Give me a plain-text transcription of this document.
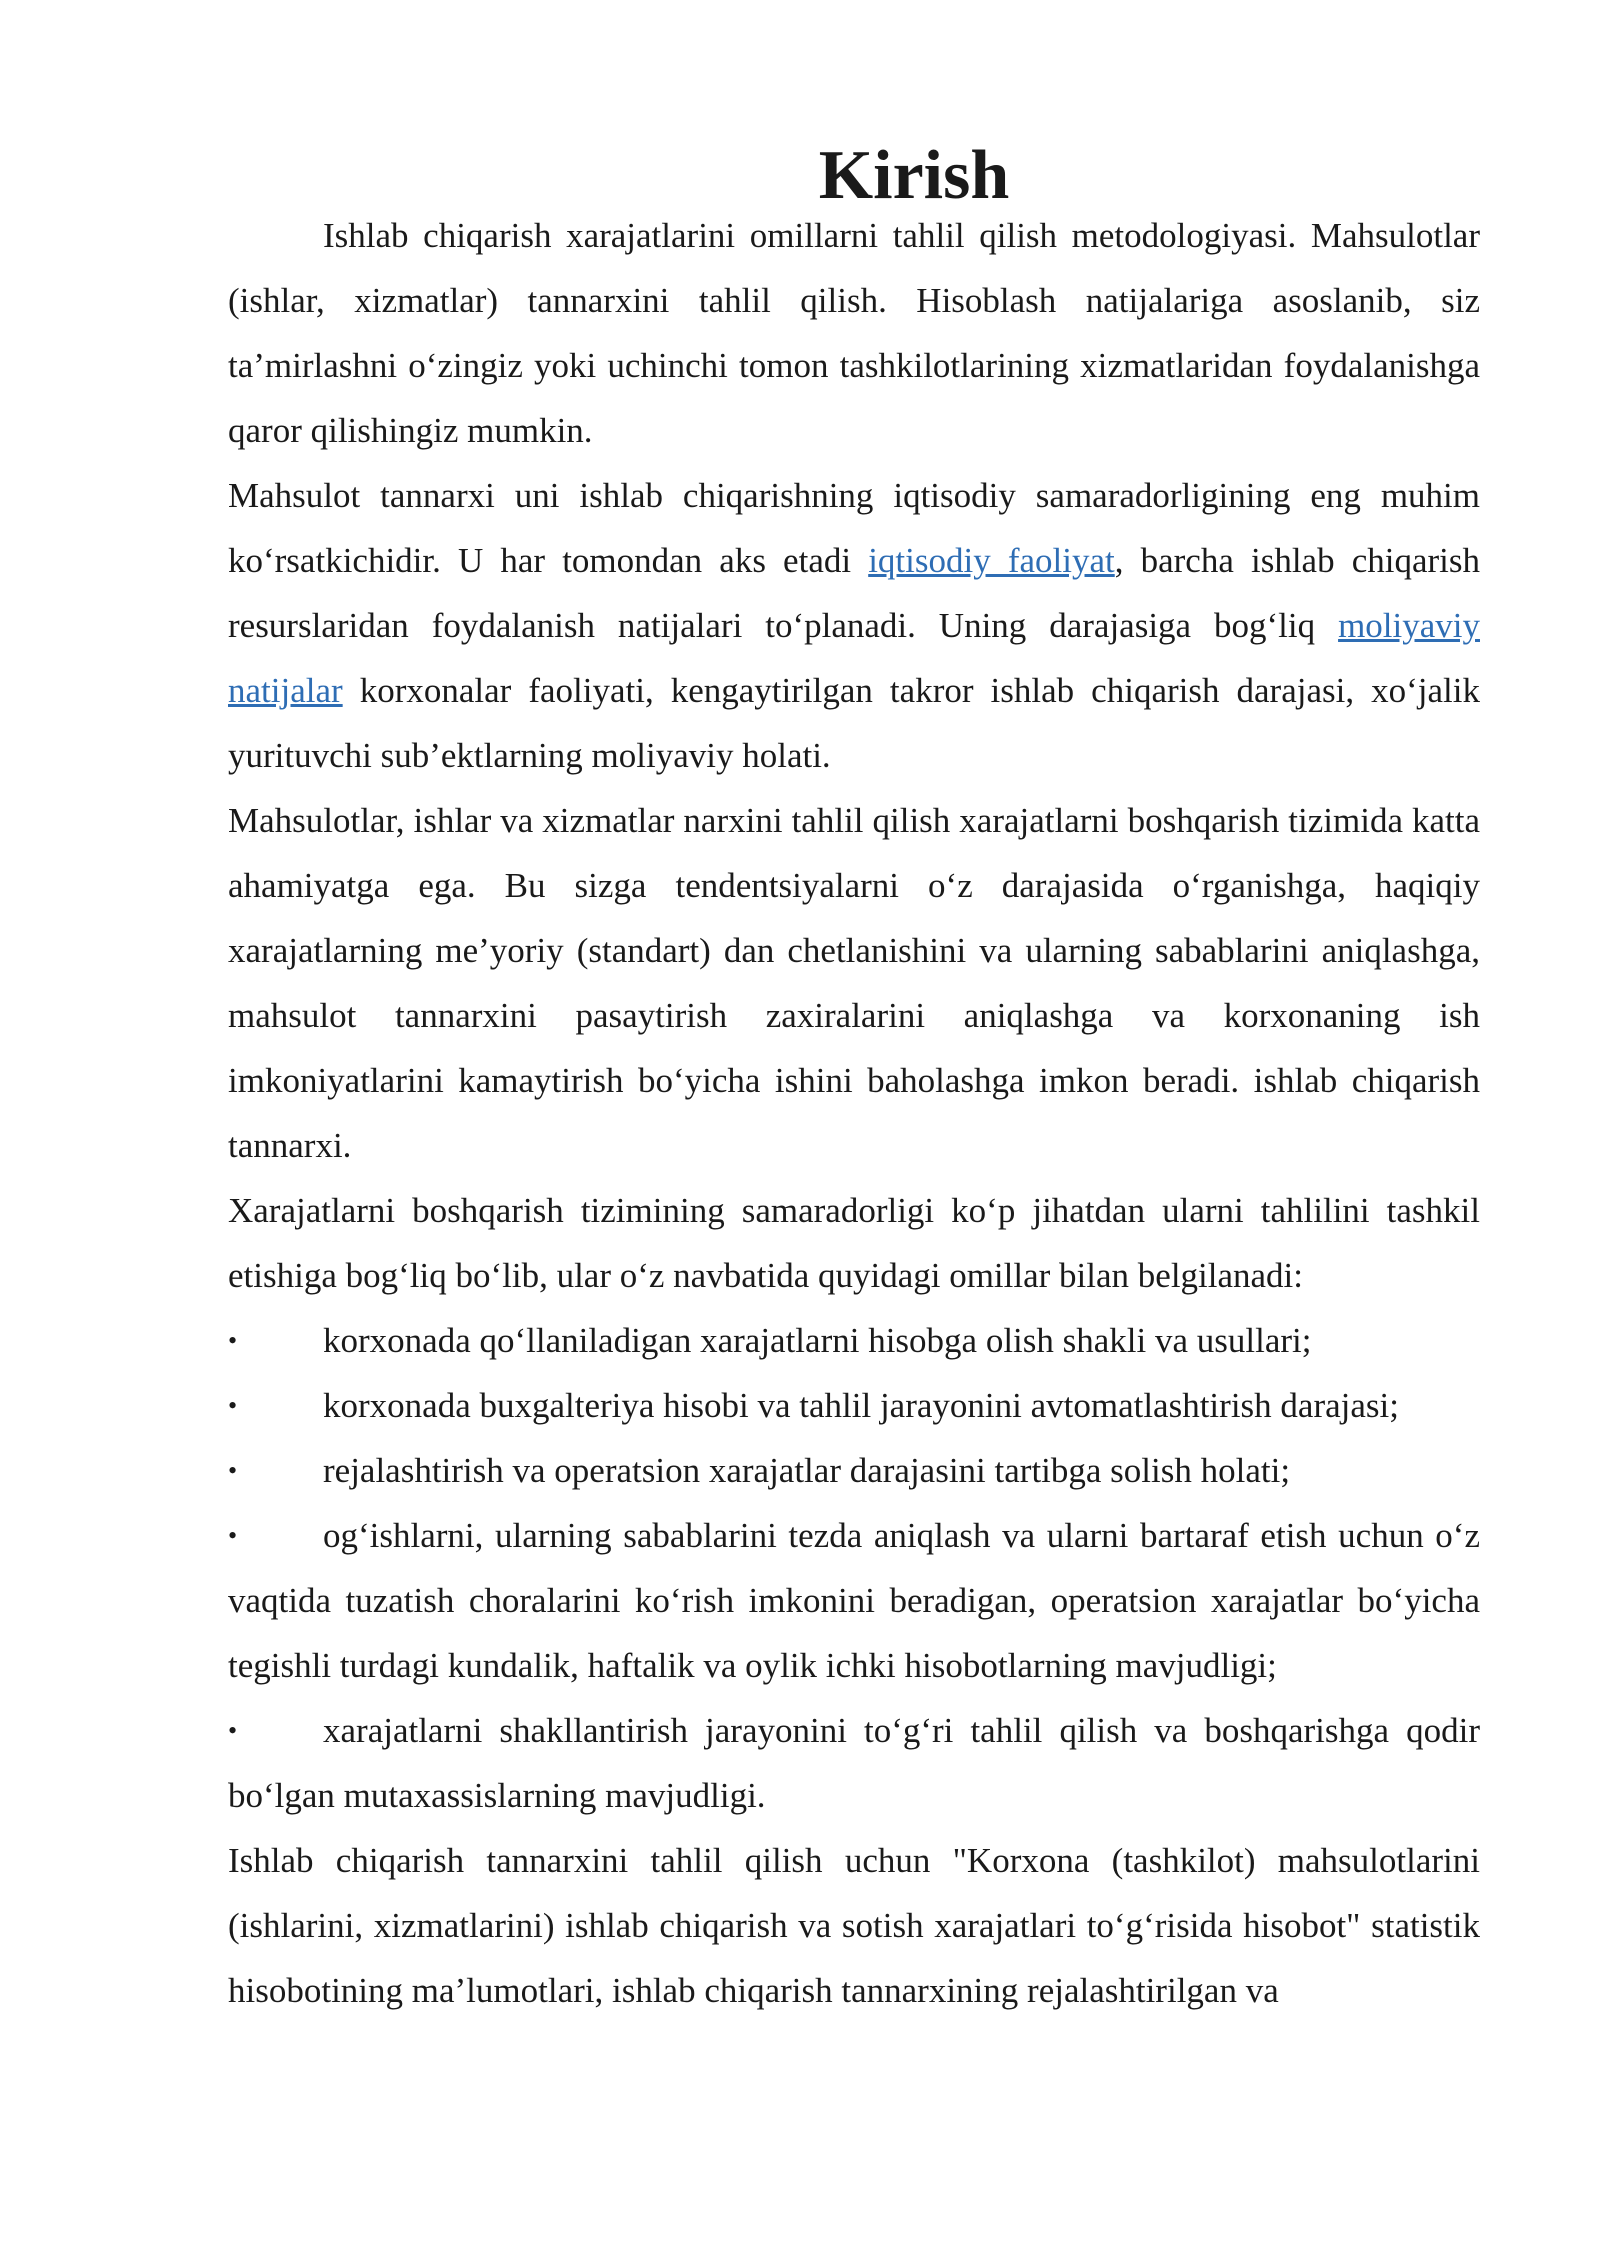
Kirish

Ishlab chiqarish xarajatlarini omillarni tahlil qilish metodologiyasi. Mahsulotlar (ishlar, xizmatlar) tannarxini tahlil qilish. Hisoblash natijalariga asoslanib, siz ta’mirlashni o‘zingiz yoki uchinchi tomon tashkilotlarining xizmatlaridan foydalanishga qaror qilishingiz mumkin.

Mahsulot tannarxi uni ishlab chiqarishning iqtisodiy samaradorligining eng muhim ko‘rsatkichidir. U har tomondan aks etadi iqtisodiy faoliyat, barcha ishlab chiqarish resurslaridan foydalanish natijalari to‘planadi. Uning darajasiga bog‘liq moliyaviy natijalar korxonalar faoliyati, kengaytirilgan takror ishlab chiqarish darajasi, xo‘jalik yurituvchi sub’ektlarning moliyaviy holati.

Mahsulotlar, ishlar va xizmatlar narxini tahlil qilish xarajatlarni boshqarish tizimida katta ahamiyatga ega. Bu sizga tendentsiyalarni o‘z darajasida o‘rganishga, haqiqiy xarajatlarning me’yoriy (standart) dan chetlanishini va ularning sabablarini aniqlashga, mahsulot tannarxini pasaytirish zaxiralarini aniqlashga va korxonaning ish imkoniyatlarini kamaytirish bo‘yicha ishini baholashga imkon beradi. ishlab chiqarish tannarxi.

Xarajatlarni boshqarish tizimining samaradorligi ko‘p jihatdan ularni tahlilini tashkil etishiga bog‘liq bo‘lib, ular o‘z navbatida quyidagi omillar bilan belgilanadi:

•	korxonada qo‘llaniladigan xarajatlarni hisobga olish shakli va usullari;

•	korxonada buxgalteriya hisobi va tahlil jarayonini avtomatlashtirish darajasi;

•	rejalashtirish va operatsion xarajatlar darajasini tartibga solish holati;

•	og‘ishlarni, ularning sabablarini tezda aniqlash va ularni bartaraf etish uchun o‘z vaqtida tuzatish choralarini ko‘rish imkonini beradigan, operatsion xarajatlar bo‘yicha tegishli turdagi kundalik, haftalik va oylik ichki hisobotlarning mavjudligi;

•	xarajatlarni shakllantirish jarayonini to‘g‘ri tahlil qilish va boshqarishga qodir bo‘lgan mutaxassislarning mavjudligi.

Ishlab chiqarish tannarxini tahlil qilish uchun "Korxona (tashkilot) mahsulotlarini (ishlarini, xizmatlarini) ishlab chiqarish va sotish xarajatlari to‘g‘risida hisobot" statistik hisobotining ma’lumotlari, ishlab chiqarish tannarxining rejalashtirilgan va
